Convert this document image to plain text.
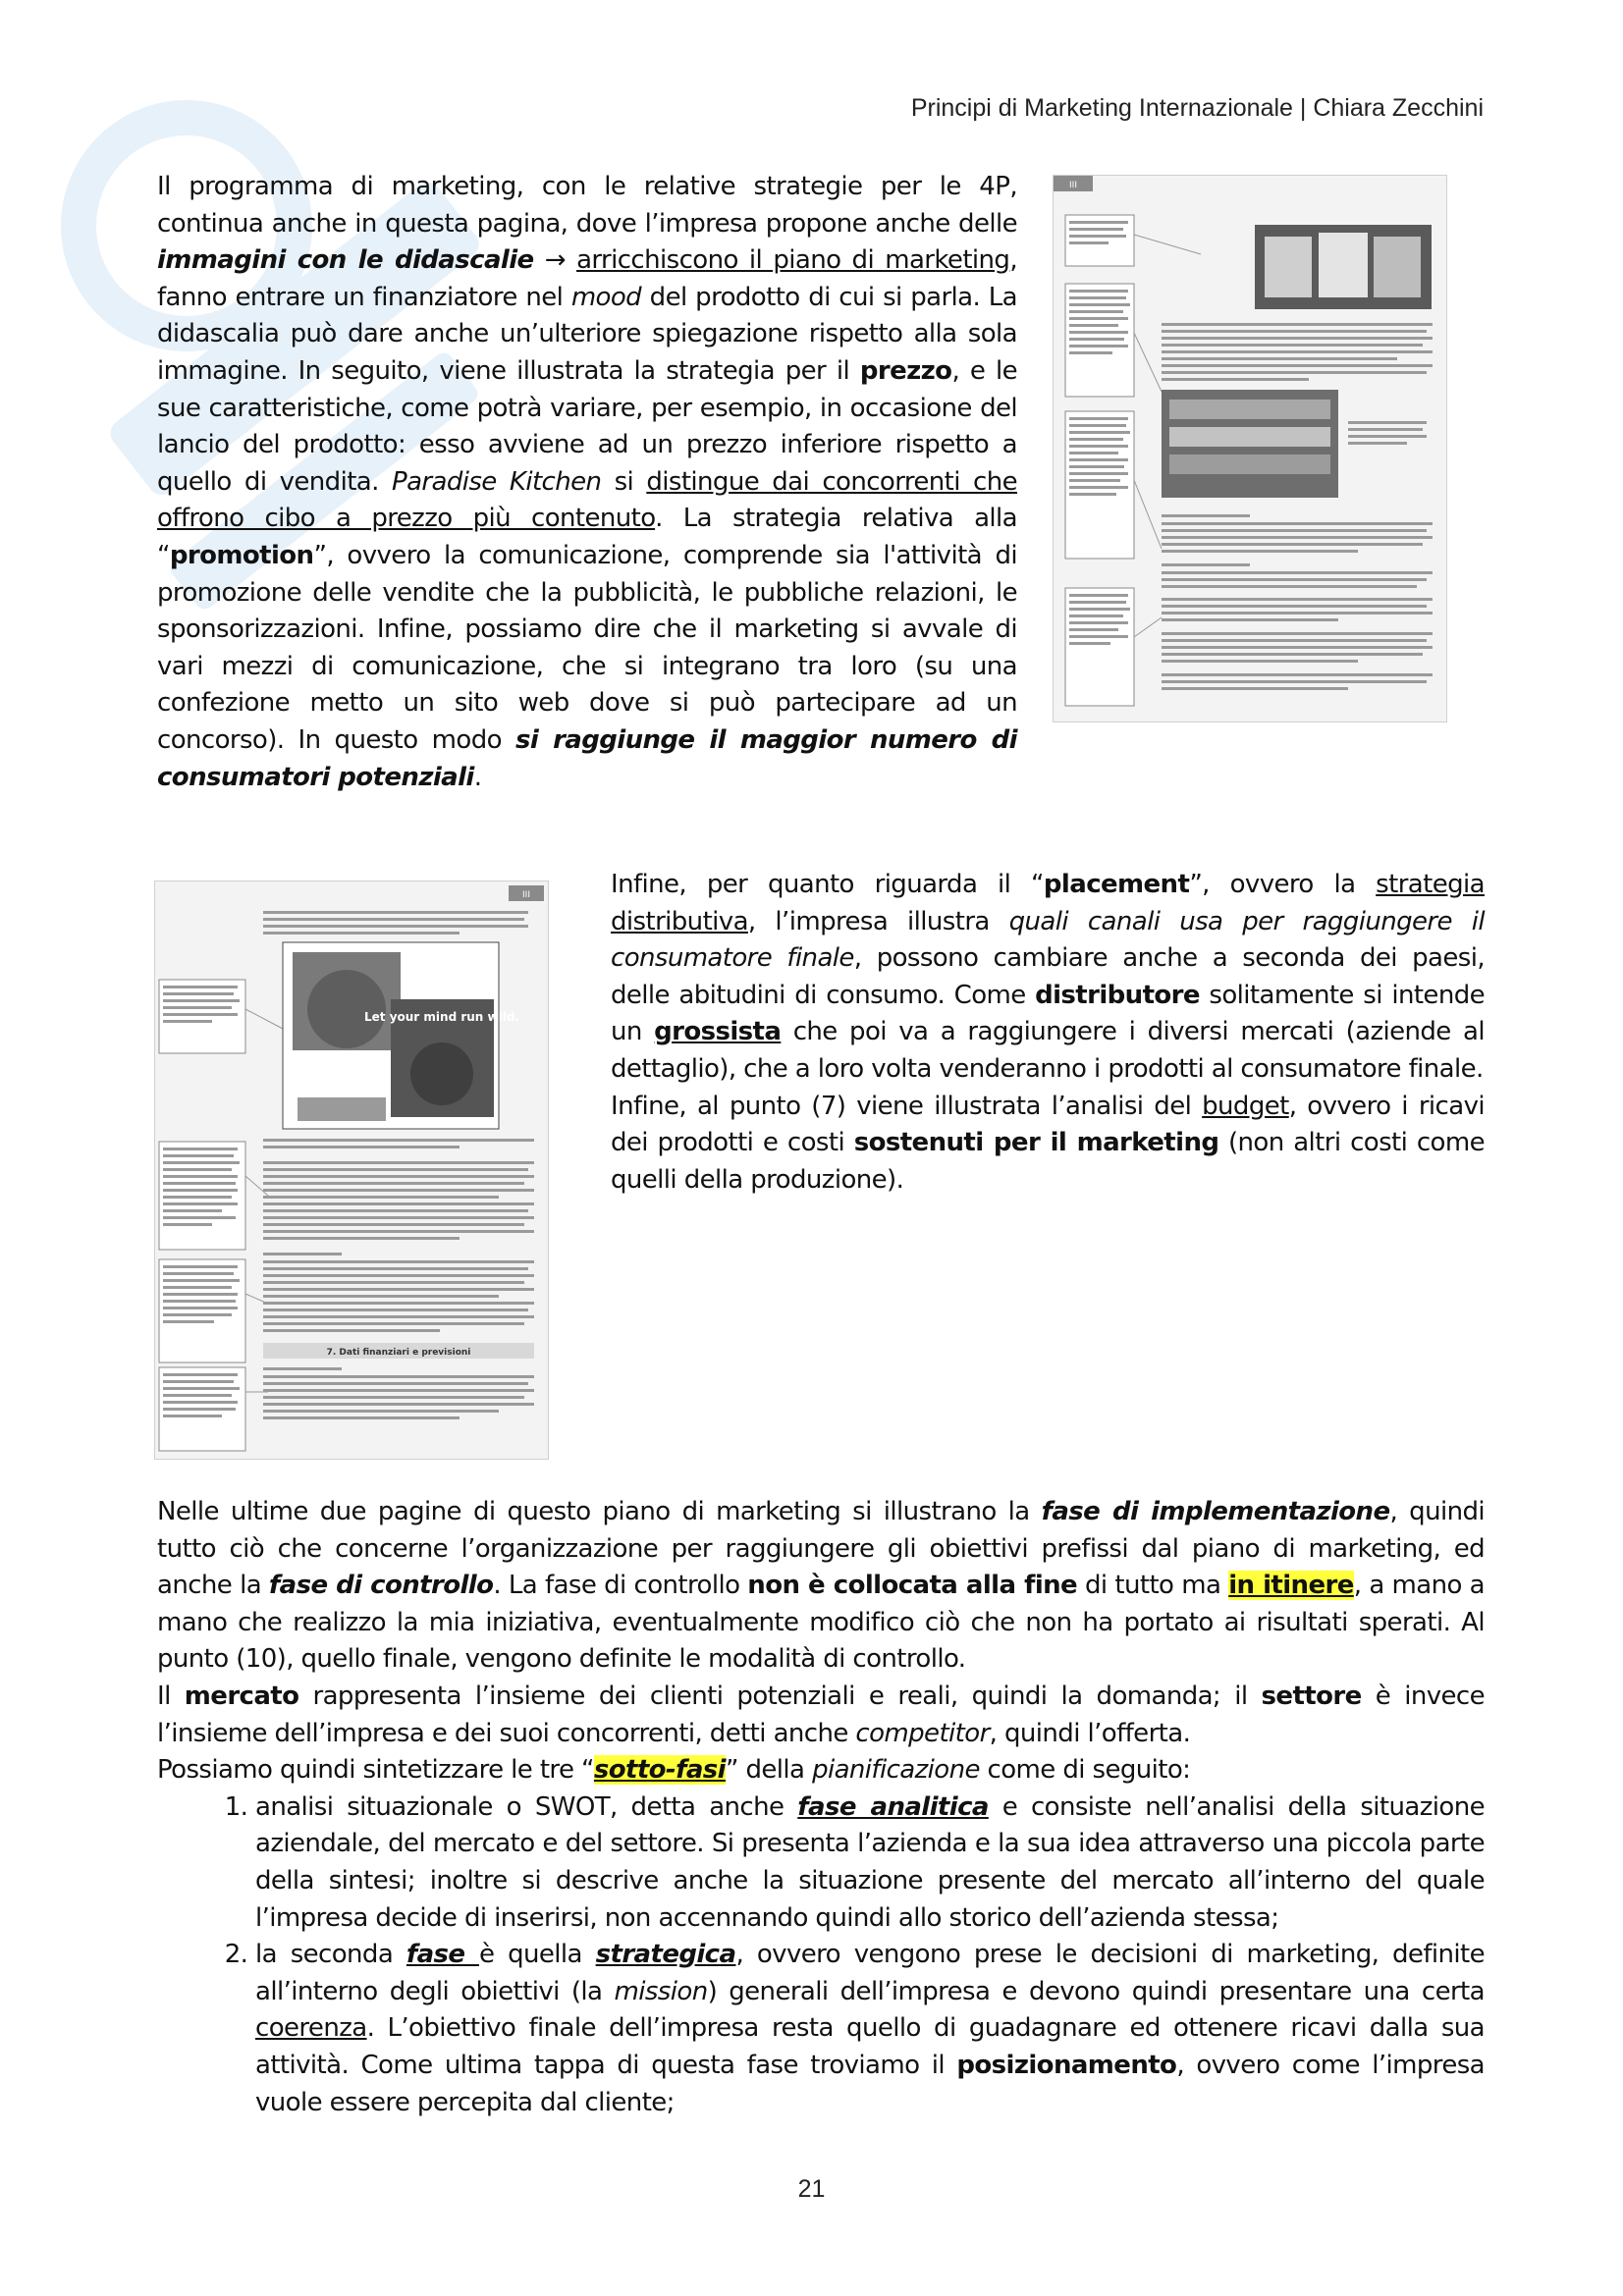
Principi di Marketing Internazionale | Chiara Zecchini
Il programma di marketing, con le relative strategie per le 4P, continua anche in questa pagina, dove l’impresa propone anche delle immagini con le didascalie → arricchiscono il piano di marketing, fanno entrare un finanziatore nel mood del prodotto di cui si parla. La didascalia può dare anche un’ulteriore spiegazione rispetto alla sola immagine. In seguito, viene illustrata la strategia per il prezzo, e le sue caratteristiche, come potrà variare, per esempio, in occasione del lancio del prodotto: esso avviene ad un prezzo inferiore rispetto a quello di vendita. Paradise Kitchen si distingue dai concorrenti che offrono cibo a prezzo più contenuto. La strategia relativa alla “promotion”, ovvero la comunicazione, comprende sia l'attività di promozione delle vendite che la pubblicità, le pubbliche relazioni, le sponsorizzazioni. Infine, possiamo dire che il marketing si avvale di vari mezzi di comunicazione, che si integrano tra loro (su una confezione metto un sito web dove si può partecipare ad un concorso). In questo modo si raggiunge il maggior numero di consumatori potenziali.
III
III
Let your mind run wild.
7. Dati finanziari e previsioni
Infine, per quanto riguarda il “placement”, ovvero la strategia distributiva, l’impresa illustra quali canali usa per raggiungere il consumatore finale, possono cambiare anche a seconda dei paesi, delle abitudini di consumo. Come distributore solitamente si intende un grossista che poi va a raggiungere i diversi mercati (aziende al dettaglio), che a loro volta venderanno i prodotti al consumatore finale.
Infine, al punto (7) viene illustrata l’analisi del budget, ovvero i ricavi dei prodotti e costi sostenuti per il marketing (non altri costi come quelli della produzione).
Nelle ultime due pagine di questo piano di marketing si illustrano la fase di implementazione, quindi tutto ciò che concerne l’organizzazione per raggiungere gli obiettivi prefissi dal piano di marketing, ed anche la fase di controllo. La fase di controllo non è collocata alla fine di tutto ma in itinere, a mano a mano che realizzo la mia iniziativa, eventualmente modifico ciò che non ha portato ai risultati sperati. Al punto (10), quello finale, vengono definite le modalità di controllo.
Il mercato rappresenta l’insieme dei clienti potenziali e reali, quindi la domanda; il settore è invece l’insieme dell’impresa e dei suoi concorrenti, detti anche competitor, quindi l’offerta.
Possiamo quindi sintetizzare le tre “sotto-fasi” della pianificazione come di seguito:
1. analisi situazionale o SWOT, detta anche fase analitica e consiste nell’analisi della situazione aziendale, del mercato e del settore. Si presenta l’azienda e la sua idea attraverso una piccola parte della sintesi; inoltre si descrive anche la situazione presente del mercato all’interno del quale l’impresa decide di inserirsi, non accennando quindi allo storico dell’azienda stessa;
2. la seconda fase è quella strategica, ovvero vengono prese le decisioni di marketing, definite all’interno degli obiettivi (la mission) generali dell’impresa e devono quindi presentare una certa coerenza. L’obiettivo finale dell’impresa resta quello di guadagnare ed ottenere ricavi dalla sua attività. Come ultima tappa di questa fase troviamo il posizionamento, ovvero come l’impresa vuole essere percepita dal cliente;
21
